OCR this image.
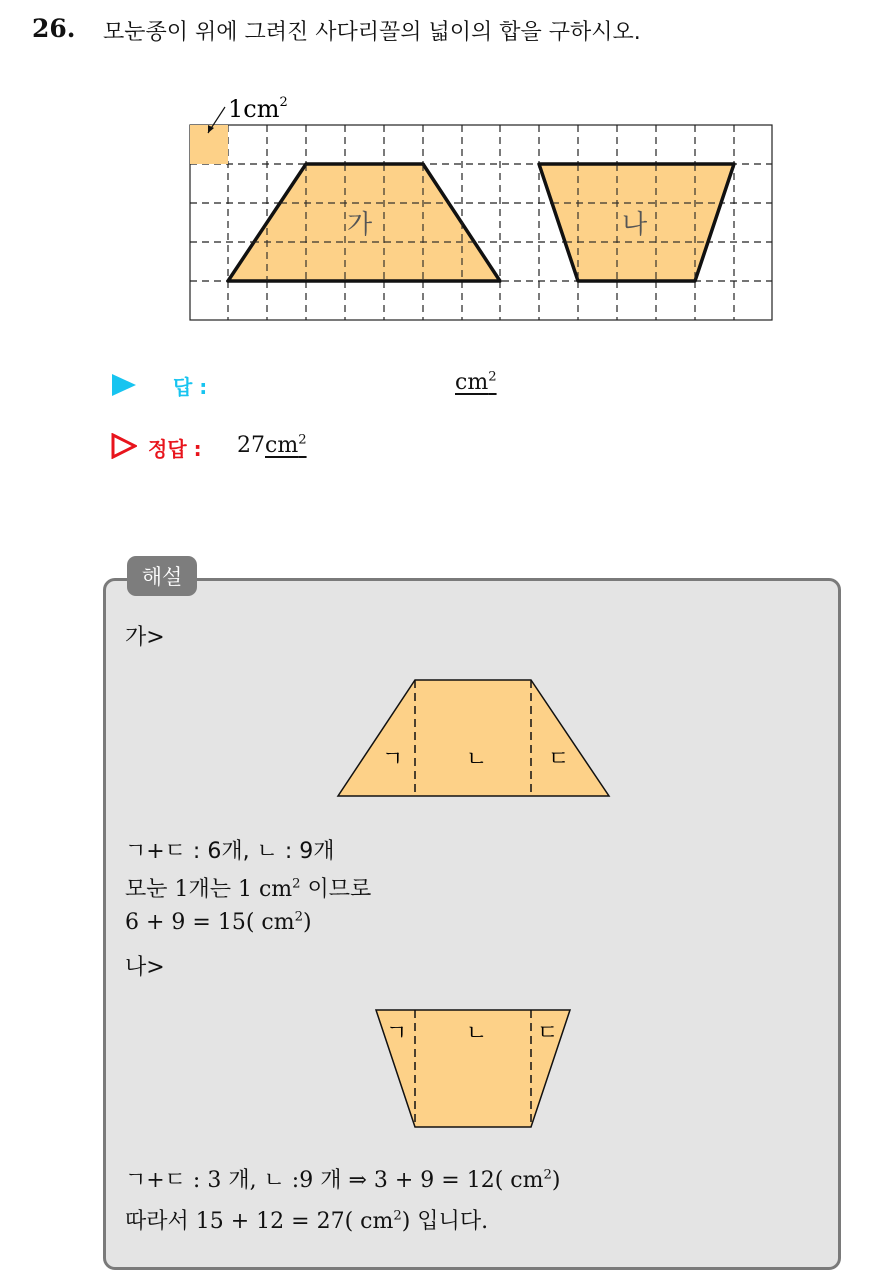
26. 모눈종이 위에 그려진 사다리꼴의 넓이의 합을 구하시오.
$1cm^2$
가	나
답 :	$cm^2$
정답 : $27cm^2$
해설
가>
ㄱ	ㄴ	ㄷ
ㄱ+ㄷ : 6개, ㄴ : 9개
모눈 1개는 1 $cm^2$ 이므로
6 + 9 = 15( $cm^2$)
나>
ㄱ	ㄴ ㄷ
ㄱ+ㄷ : 3 개, ㄴ :9 개 ⇒ 3 + 9 = 12( $cm^2$)
따라서 15 + 12 = 27( $cm^2$) 입니다.
